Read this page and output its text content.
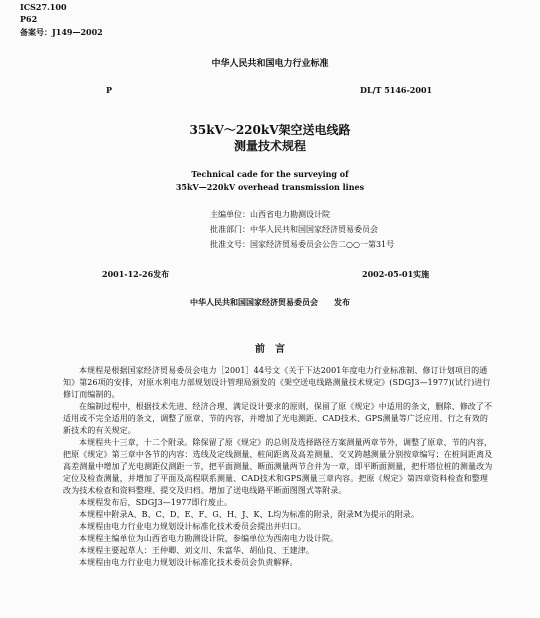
ICS27.100
P62
备案号：J149—2002
中华人民共和国电力行业标准
P	DL/T 5146-2001
35kV～220kV架空送电线路
测量技术规程
Technical cade for the surveying of
35kV—220kV overhead transmission lines
主编单位：山西省电力勘测设计院
批准部门：中华人民共和国国家经济贸易委员会
批准文号：国家经济贸易委员会公告二○○一第31号
2001-12-26发布	2002-05-01实施
中华人民共和国国家经济贸易委员会　　发布
前　言

本规程是根据国家经济贸易委员会电力［2001］44号文《关于下达2001年度电力行业标准制、修订计划项目的通知》第26项的安排，对原水利电力部规划设计管理局颁发的《架空送电线路测量技术规定》(SDGJ3—1977)(试行)进行修订而编制的。

在编制过程中，根据技术先进、经济合理、满足设计要求的原则，保留了原《规定》中适用的条文，删除、修改了不适用或不完全适用的条文，调整了原章、节的内容，并增加了光电测距、CAD技术、GPS测量等广泛应用、行之有效的新技术的有关规定。

本规程共十三章，十二个附录。除保留了原《规定》的总则及选择路径方案测量两章节外，调整了原章、节的内容，把原《规定》第三章中各节的内容：选线及定线测量、桩间距离及高差测量、交叉跨越测量分别按章编写；在桩间距离及高差测量中增加了光电测距仪测距一节，把平面测量、断面测量两节合并为一章，即平断面测量，把杆塔位桩的测量改为定位及检查测量，并增加了平面及高程联系测量、CAD技术和GPS测量三章内容。把原《规定》第四章资料检查和整理改为技术检查和资料整理、提交及归档。增加了送电线路平断面图图式等附录。

本规程发布后，SDGJ3—1977即行废止。

本规程中附录A、B、C、D、E、F、G、H、J、K、L均为标准的附录，附录M为提示的附录。

本规程由电力行业电力规划设计标准化技术委员会提出并归口。

本规程主编单位为山西省电力勘测设计院，参编单位为西南电力设计院。

本规程主要起草人：王仲卿、刘文川、朱富华、胡仙良、王建津。

本规程由电力行业电力规划设计标准化技术委员会负责解释。
